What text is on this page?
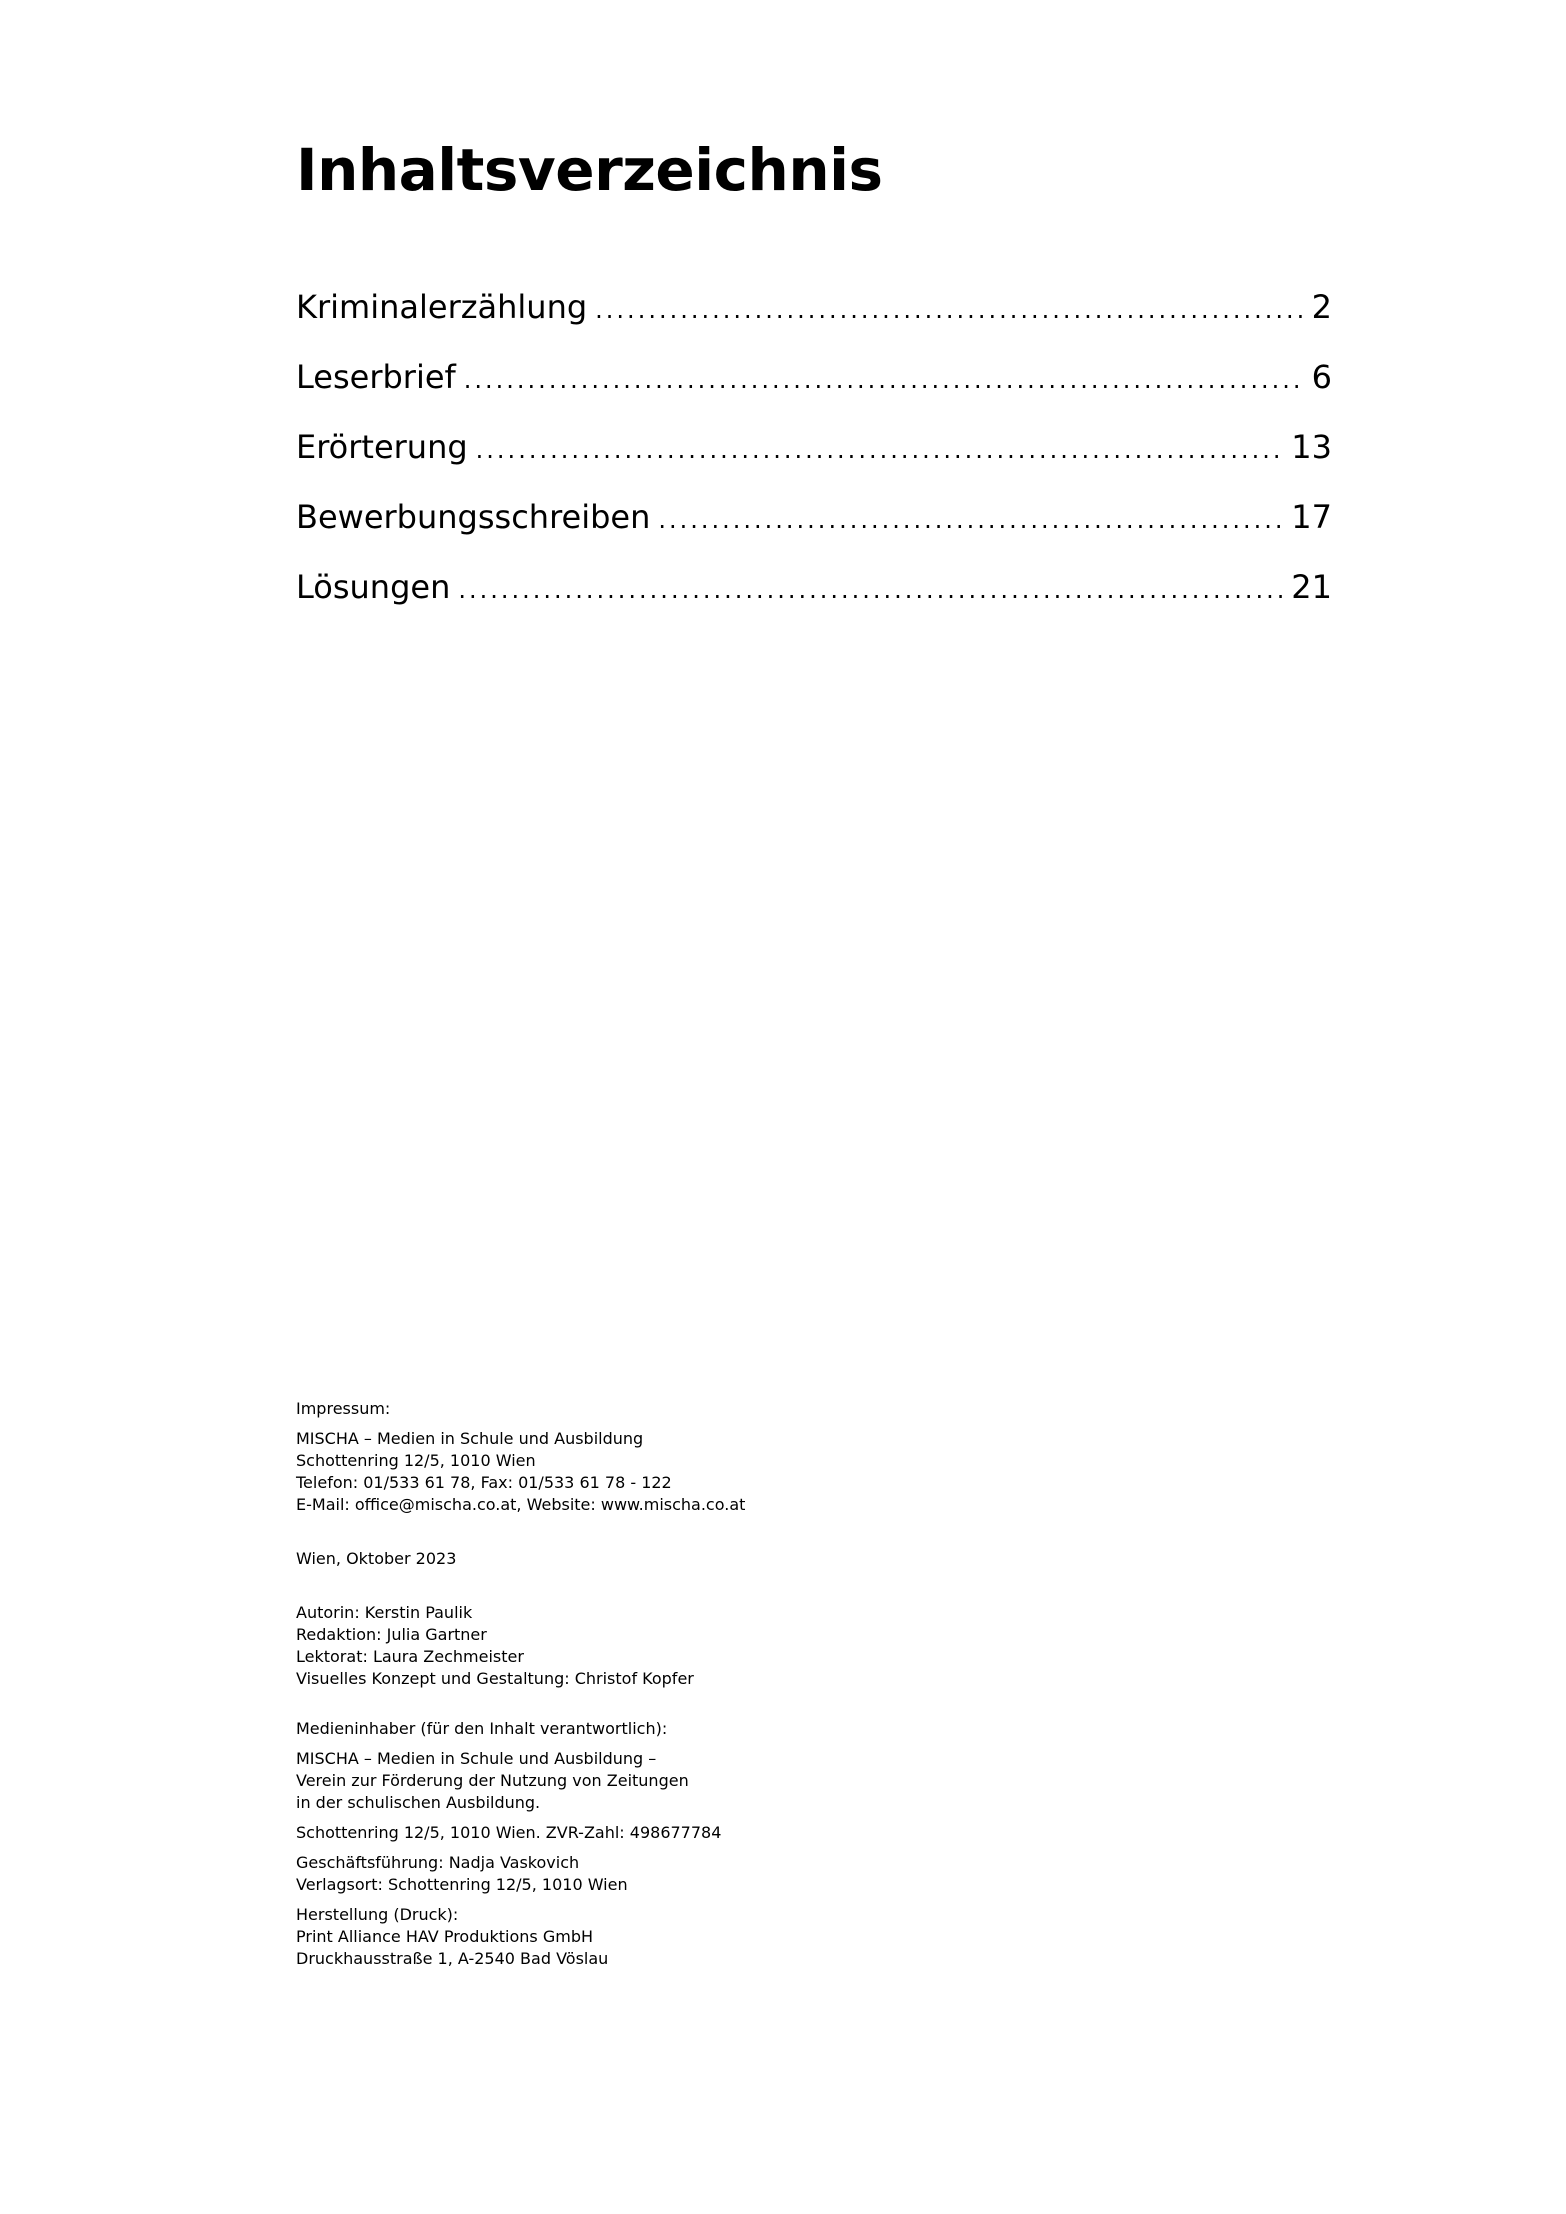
Inhaltsverzeichnis
Kriminalerzählung .....	2
Leserbrief .....	6
Erörterung .....	13
Bewerbungsschreiben .....	17
Lösungen .....	21

Impressum:

MISCHA – Medien in Schule und Ausbildung

Schottenring 12/5, 1010 Wien

Telefon: 01/533 61 78, Fax: 01/533 61 78 - 122

E-Mail: office@mischa.co.at, Website: www.mischa.co.at

Wien, Oktober 2023

Autorin: Kerstin Paulik

Redaktion: Julia Gartner

Lektorat: Laura Zechmeister

Visuelles Konzept und Gestaltung: Christof Kopfer

Medieninhaber (für den Inhalt verantwortlich):

MISCHA – Medien in Schule und Ausbildung –

Verein zur Förderung der Nutzung von Zeitungen

in der schulischen Ausbildung.

Schottenring 12/5, 1010 Wien. ZVR-Zahl: 498677784

Geschäftsführung: Nadja Vaskovich

Verlagsort: Schottenring 12/5, 1010 Wien

Herstellung (Druck):

Print Alliance HAV Produktions GmbH

Druckhausstraße 1, A-2540 Bad Vöslau
